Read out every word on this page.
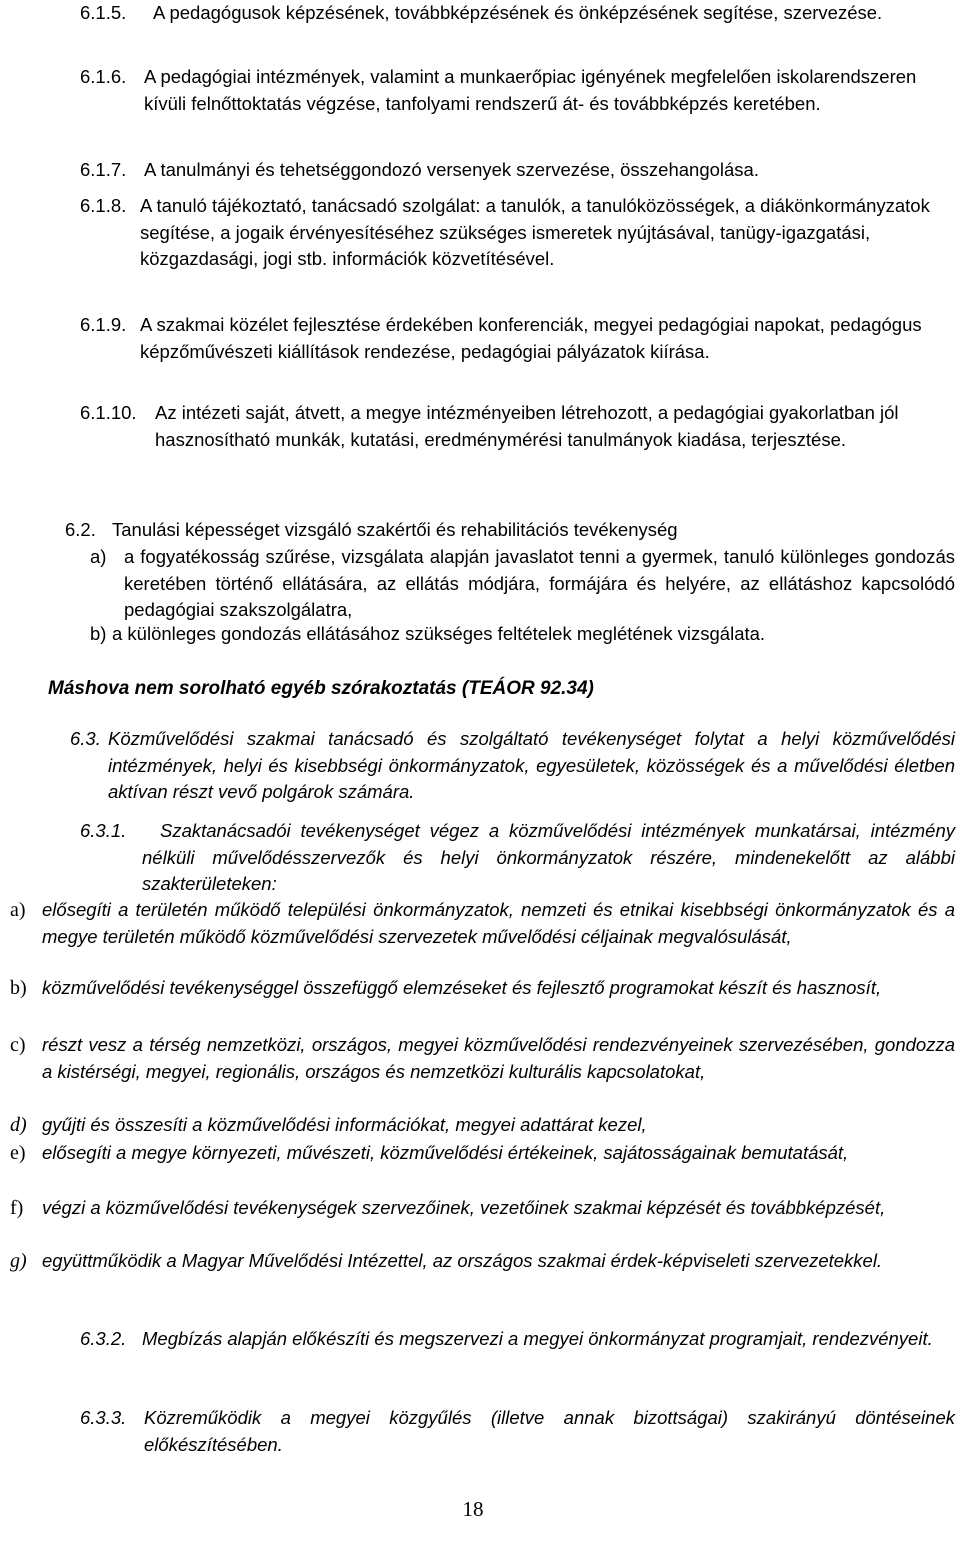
6.1.5. A pedagógusok képzésének, továbbképzésének és önképzésének segítése, szervezése.
6.1.6. A pedagógiai intézmények, valamint a munkaerőpiac igényének megfelelően iskolarendszeren kívüli felnőttoktatás végzése, tanfolyami rendszerű át- és továbbképzés keretében.
6.1.7. A tanulmányi és tehetséggondozó versenyek szervezése, összehangolása.
6.1.8. A tanuló tájékoztató, tanácsadó szolgálat: a tanulók, a tanulóközösségek, a diákönkormányzatok segítése, a jogaik érvényesítéséhez szükséges ismeretek nyújtásával, tanügy-igazgatási, közgazdasági, jogi stb. információk közvetítésével.
6.1.9. A szakmai közélet fejlesztése érdekében konferenciák, megyei pedagógiai napokat, pedagógus képzőművészeti kiállítások rendezése, pedagógiai pályázatok kiírása.
6.1.10. Az intézeti saját, átvett, a megye intézményeiben létrehozott, a pedagógiai gyakorlatban jól hasznosítható munkák, kutatási, eredménymérési tanulmányok kiadása, terjesztése.
6.2. Tanulási képességet vizsgáló szakértői és rehabilitációs tevékenység
a) a fogyatékosság szűrése, vizsgálata alapján javaslatot tenni a gyermek, tanuló különleges gondozás keretében történő ellátására, az ellátás módjára, formájára és helyére, az ellátáshoz kapcsolódó pedagógiai szakszolgálatra,
b) a különleges gondozás ellátásához szükséges feltételek meglétének vizsgálata.
Máshova nem sorolható egyéb szórakoztatás (TEÁOR 92.34)
6.3. Közművelődési szakmai tanácsadó és szolgáltató tevékenységet folytat a helyi közművelődési intézmények, helyi és kisebbségi önkormányzatok, egyesületek, közösségek és a művelődési életben aktívan részt vevő polgárok számára.
6.3.1.	Szaktanácsadói tevékenységet végez a közművelődési intézmények munkatársai, intézmény nélküli művelődésszervezők és helyi önkormányzatok részére, mindenekelőtt az alábbi szakterületeken:
a) elősegíti a területén működő települési önkormányzatok, nemzeti és etnikai kisebbségi önkormányzatok és a megye területén működő közművelődési szervezetek művelődési céljainak megvalósulását,
b) közművelődési tevékenységgel összefüggő elemzéseket és fejlesztő programokat készít és hasznosít,
c) részt vesz a térség nemzetközi, országos, megyei közművelődési rendezvényeinek szervezésében, gondozza a kistérségi, megyei, regionális, országos és nemzetközi kulturális kapcsolatokat,
d) gyűjti és összesíti a közművelődési információkat, megyei adattárat kezel,
e) elősegíti a megye környezeti, művészeti, közművelődési értékeinek, sajátosságainak bemutatását,
f) végzi a közművelődési tevékenységek szervezőinek, vezetőinek szakmai képzését és továbbképzését,
g) együttműködik a Magyar Művelődési Intézettel, az országos szakmai érdek-képviseleti szervezetekkel.
6.3.2. Megbízás alapján előkészíti és megszervezi a megyei önkormányzat programjait, rendezvényeit.
6.3.3. Közreműködik a megyei közgyűlés (illetve annak bizottságai) szakirányú döntéseinek előkészítésében.
18
